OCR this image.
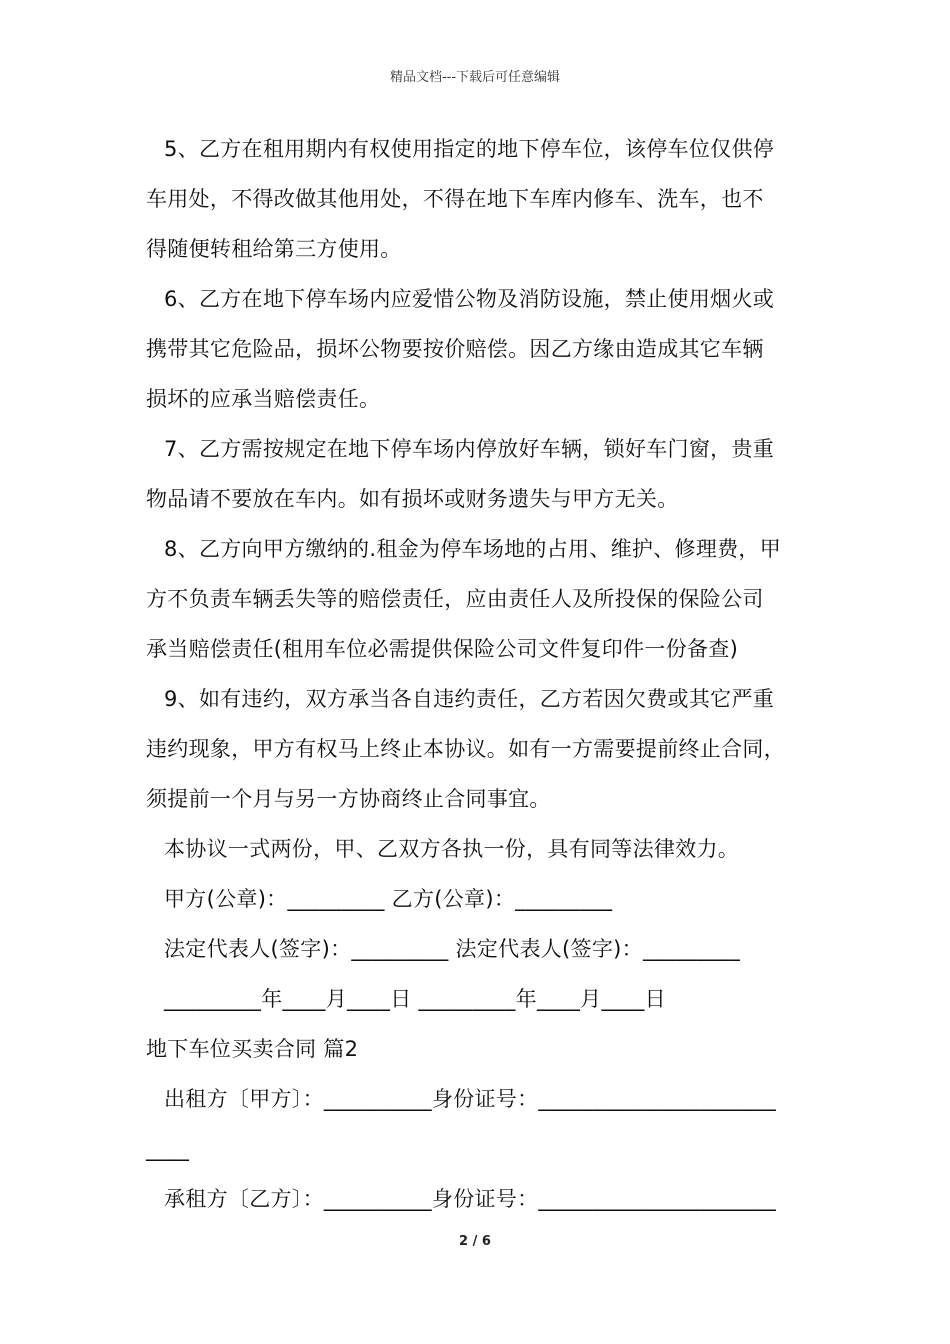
精品文档---下载后可任意编辑
5、乙方在租用期内有权使用指定的地下停车位，该停车位仅供停
车用处，不得改做其他用处，不得在地下车库内修车、洗车，也不
得随便转租给第三方使用。
6、乙方在地下停车场内应爱惜公物及消防设施，禁止使用烟火或
携带其它危险品，损坏公物要按价赔偿。因乙方缘由造成其它车辆
损坏的应承当赔偿责任。
7、乙方需按规定在地下停车场内停放好车辆，锁好车门窗，贵重
物品请不要放在车内。如有损坏或财务遗失与甲方无关。
8、乙方向甲方缴纳的.租金为停车场地的占用、维护、修理费，甲
方不负责车辆丢失等的赔偿责任，应由责任人及所投保的保险公司
承当赔偿责任(租用车位必需提供保险公司文件复印件一份备查)
9、如有违约，双方承当各自违约责任，乙方若因欠费或其它严重
违约现象，甲方有权马上终止本协议。如有一方需要提前终止合同，
须提前一个月与另一方协商终止合同事宜。
本协议一式两份，甲、乙双方各执一份，具有同等法律效力。
甲方(公章)：_________ 乙方(公章)：_________
法定代表人(签字)：_________ 法定代表人(签字)：_________
_________年____月____日 _________年____月____日
地下车位买卖合同 篇2
出租方〔甲方〕：__________身份证号：______________________
____
承租方〔乙方〕：__________身份证号：______________________
2 / 6
